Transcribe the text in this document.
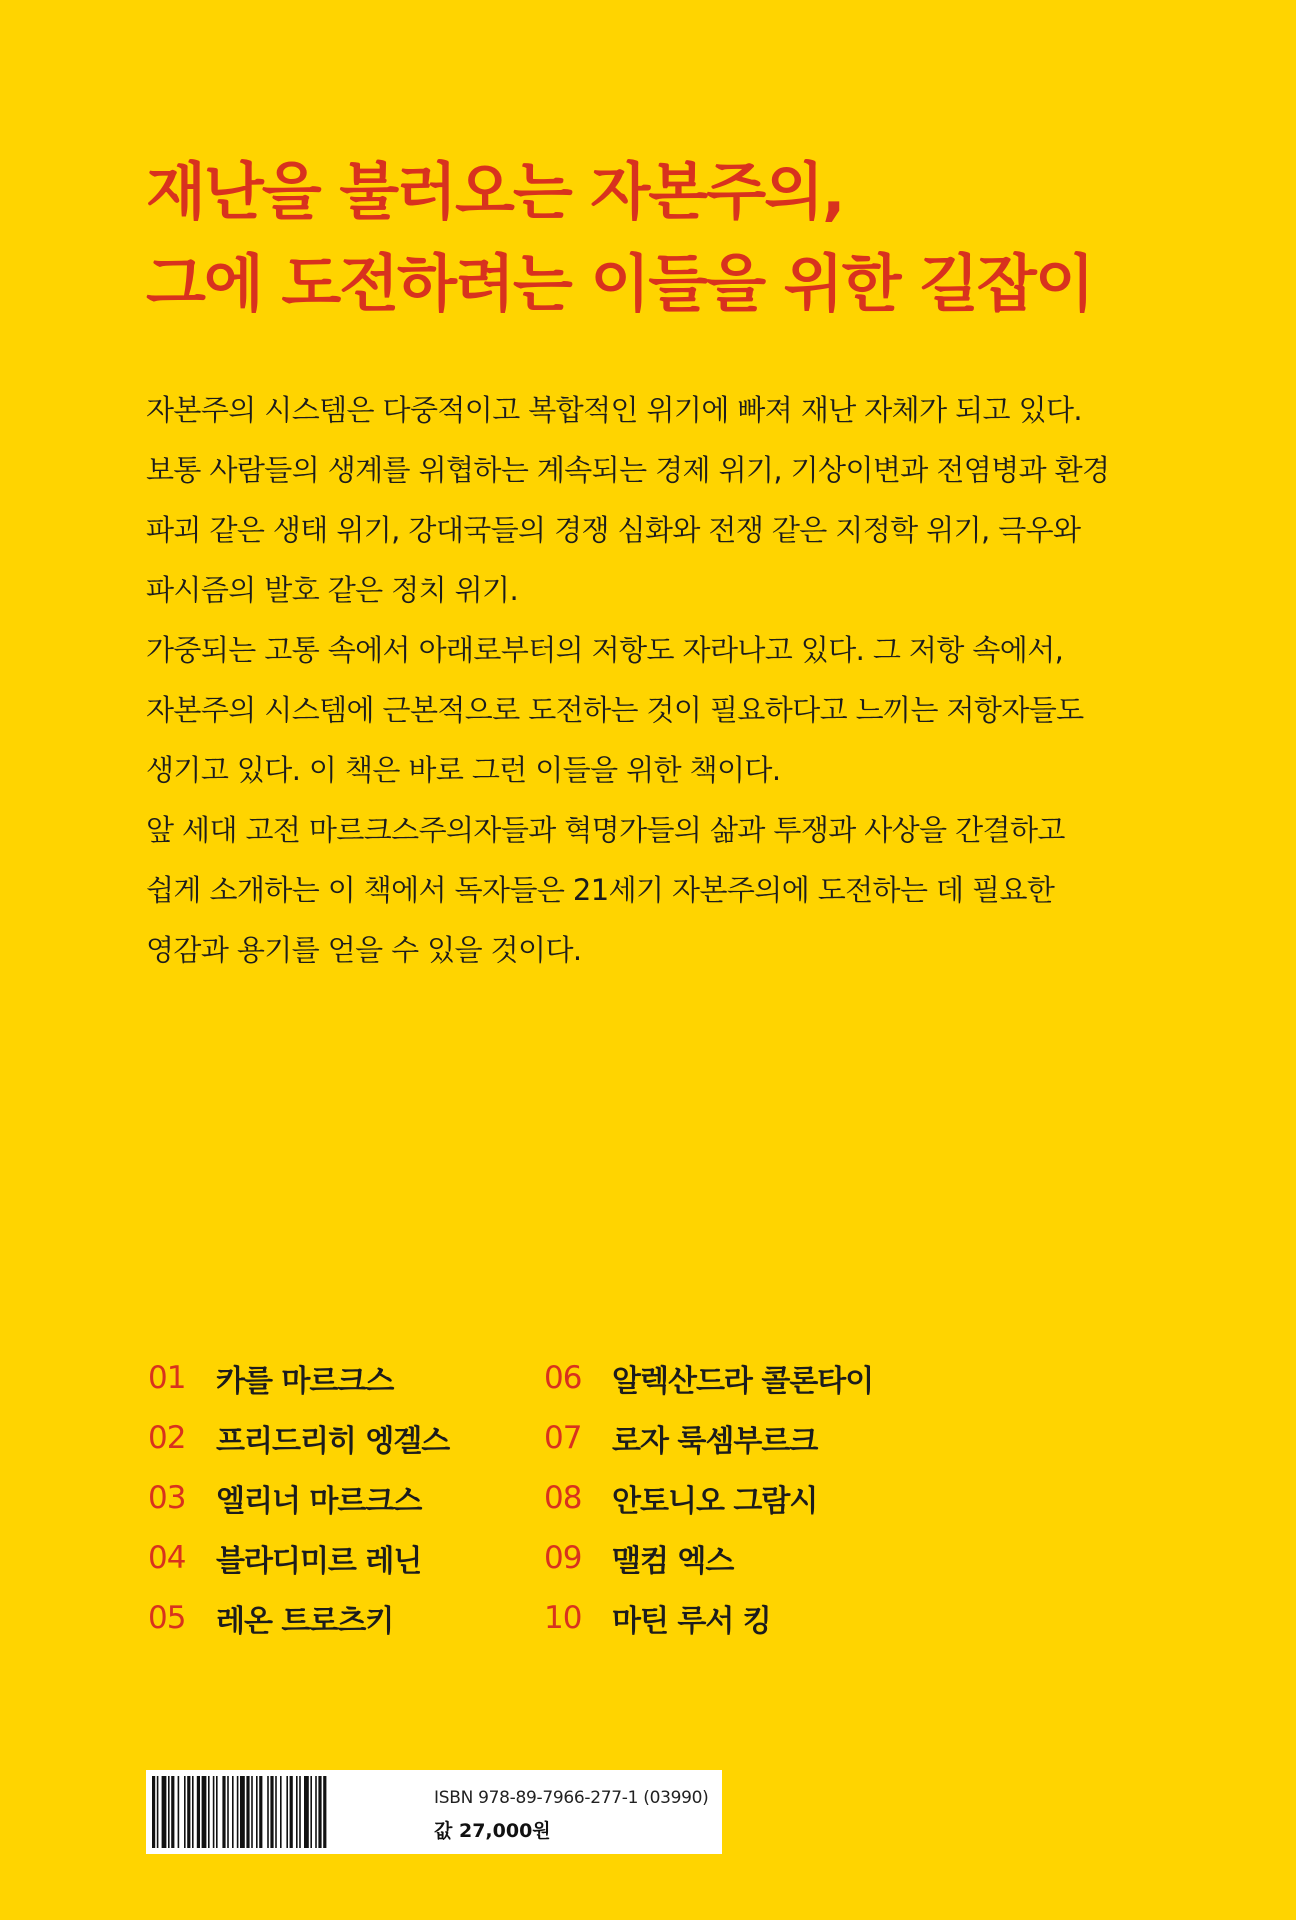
재난을 불러오는 자본주의,
그에 도전하려는 이들을 위한 길잡이

자본주의 시스템은 다중적이고 복합적인 위기에 빠져 재난 자체가 되고 있다.

보통 사람들의 생계를 위협하는 계속되는 경제 위기, 기상이변과 전염병과 환경

파괴 같은 생태 위기, 강대국들의 경쟁 심화와 전쟁 같은 지정학 위기, 극우와

파시즘의 발호 같은 정치 위기.

가중되는 고통 속에서 아래로부터의 저항도 자라나고 있다. 그 저항 속에서,

자본주의 시스템에 근본적으로 도전하는 것이 필요하다고 느끼는 저항자들도

생기고 있다. 이 책은 바로 그런 이들을 위한 책이다.

앞 세대 고전 마르크스주의자들과 혁명가들의 삶과 투쟁과 사상을 간결하고

쉽게 소개하는 이 책에서 독자들은 21세기 자본주의에 도전하는 데 필요한

영감과 용기를 얻을 수 있을 것이다.

01	카를 마르크스
02	프리드리히 엥겔스
03	엘리너 마르크스
04	블라디미르 레닌
05	레온 트로츠키
06	알렉산드라 콜론타이
07	로자 룩셈부르크
08	안토니오 그람시
09	맬컴 엑스
10	마틴 루서 킹
ISBN 978-89-7966-277-1 (03990)
값 27,000원
